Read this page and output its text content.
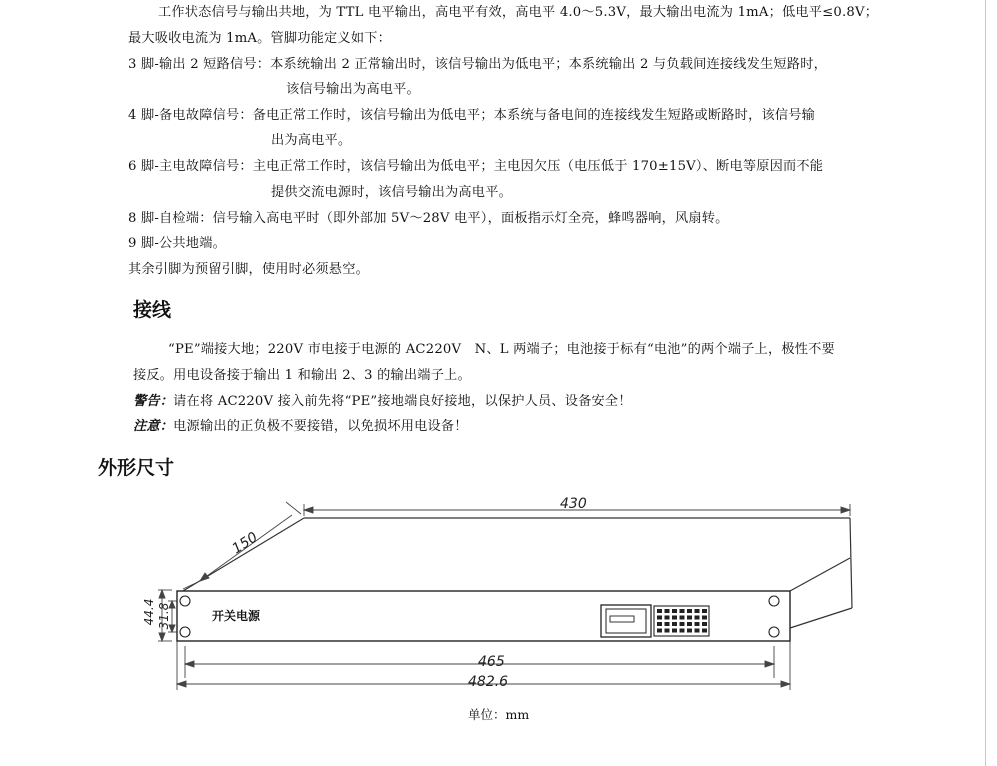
工作状态信号与输出共地，为 TTL 电平输出，高电平有效，高电平 4.0～5.3V，最大输出电流为 1mA；低电平≤0.8V；
最大吸收电流为 1mA。管脚功能定义如下：
3 脚-输出 2 短路信号：本系统输出 2 正常输出时，该信号输出为低电平；本系统输出 2 与负载间连接线发生短路时，
该信号输出为高电平。
4 脚-备电故障信号：备电正常工作时，该信号输出为低电平；本系统与备电间的连接线发生短路或断路时，该信号输
出为高电平。
6 脚-主电故障信号：主电正常工作时，该信号输出为低电平；主电因欠压（电压低于 170±15V）、断电等原因而不能
提供交流电源时，该信号输出为高电平。
8 脚-自检端：信号输入高电平时（即外部加 5V～28V 电平），面板指示灯全亮，蜂鸣器响，风扇转。
9 脚-公共地端。
其余引脚为预留引脚，使用时必须悬空。
接线
“PE”端接大地；220V 市电接于电源的 AC220V　N、L 两端子；电池接于标有“电池”的两个端子上，极性不要
接反。用电设备接于输出 1 和输出 2、3 的输出端子上。
警告：请在将 AC220V 接入前先将“PE”接地端良好接地，以保护人员、设备安全！
注意：电源输出的正负极不要接错，以免损坏用电设备！
外形尺寸
开关电源
430
150
44.4 31.8
465
482.6
单位：mm
